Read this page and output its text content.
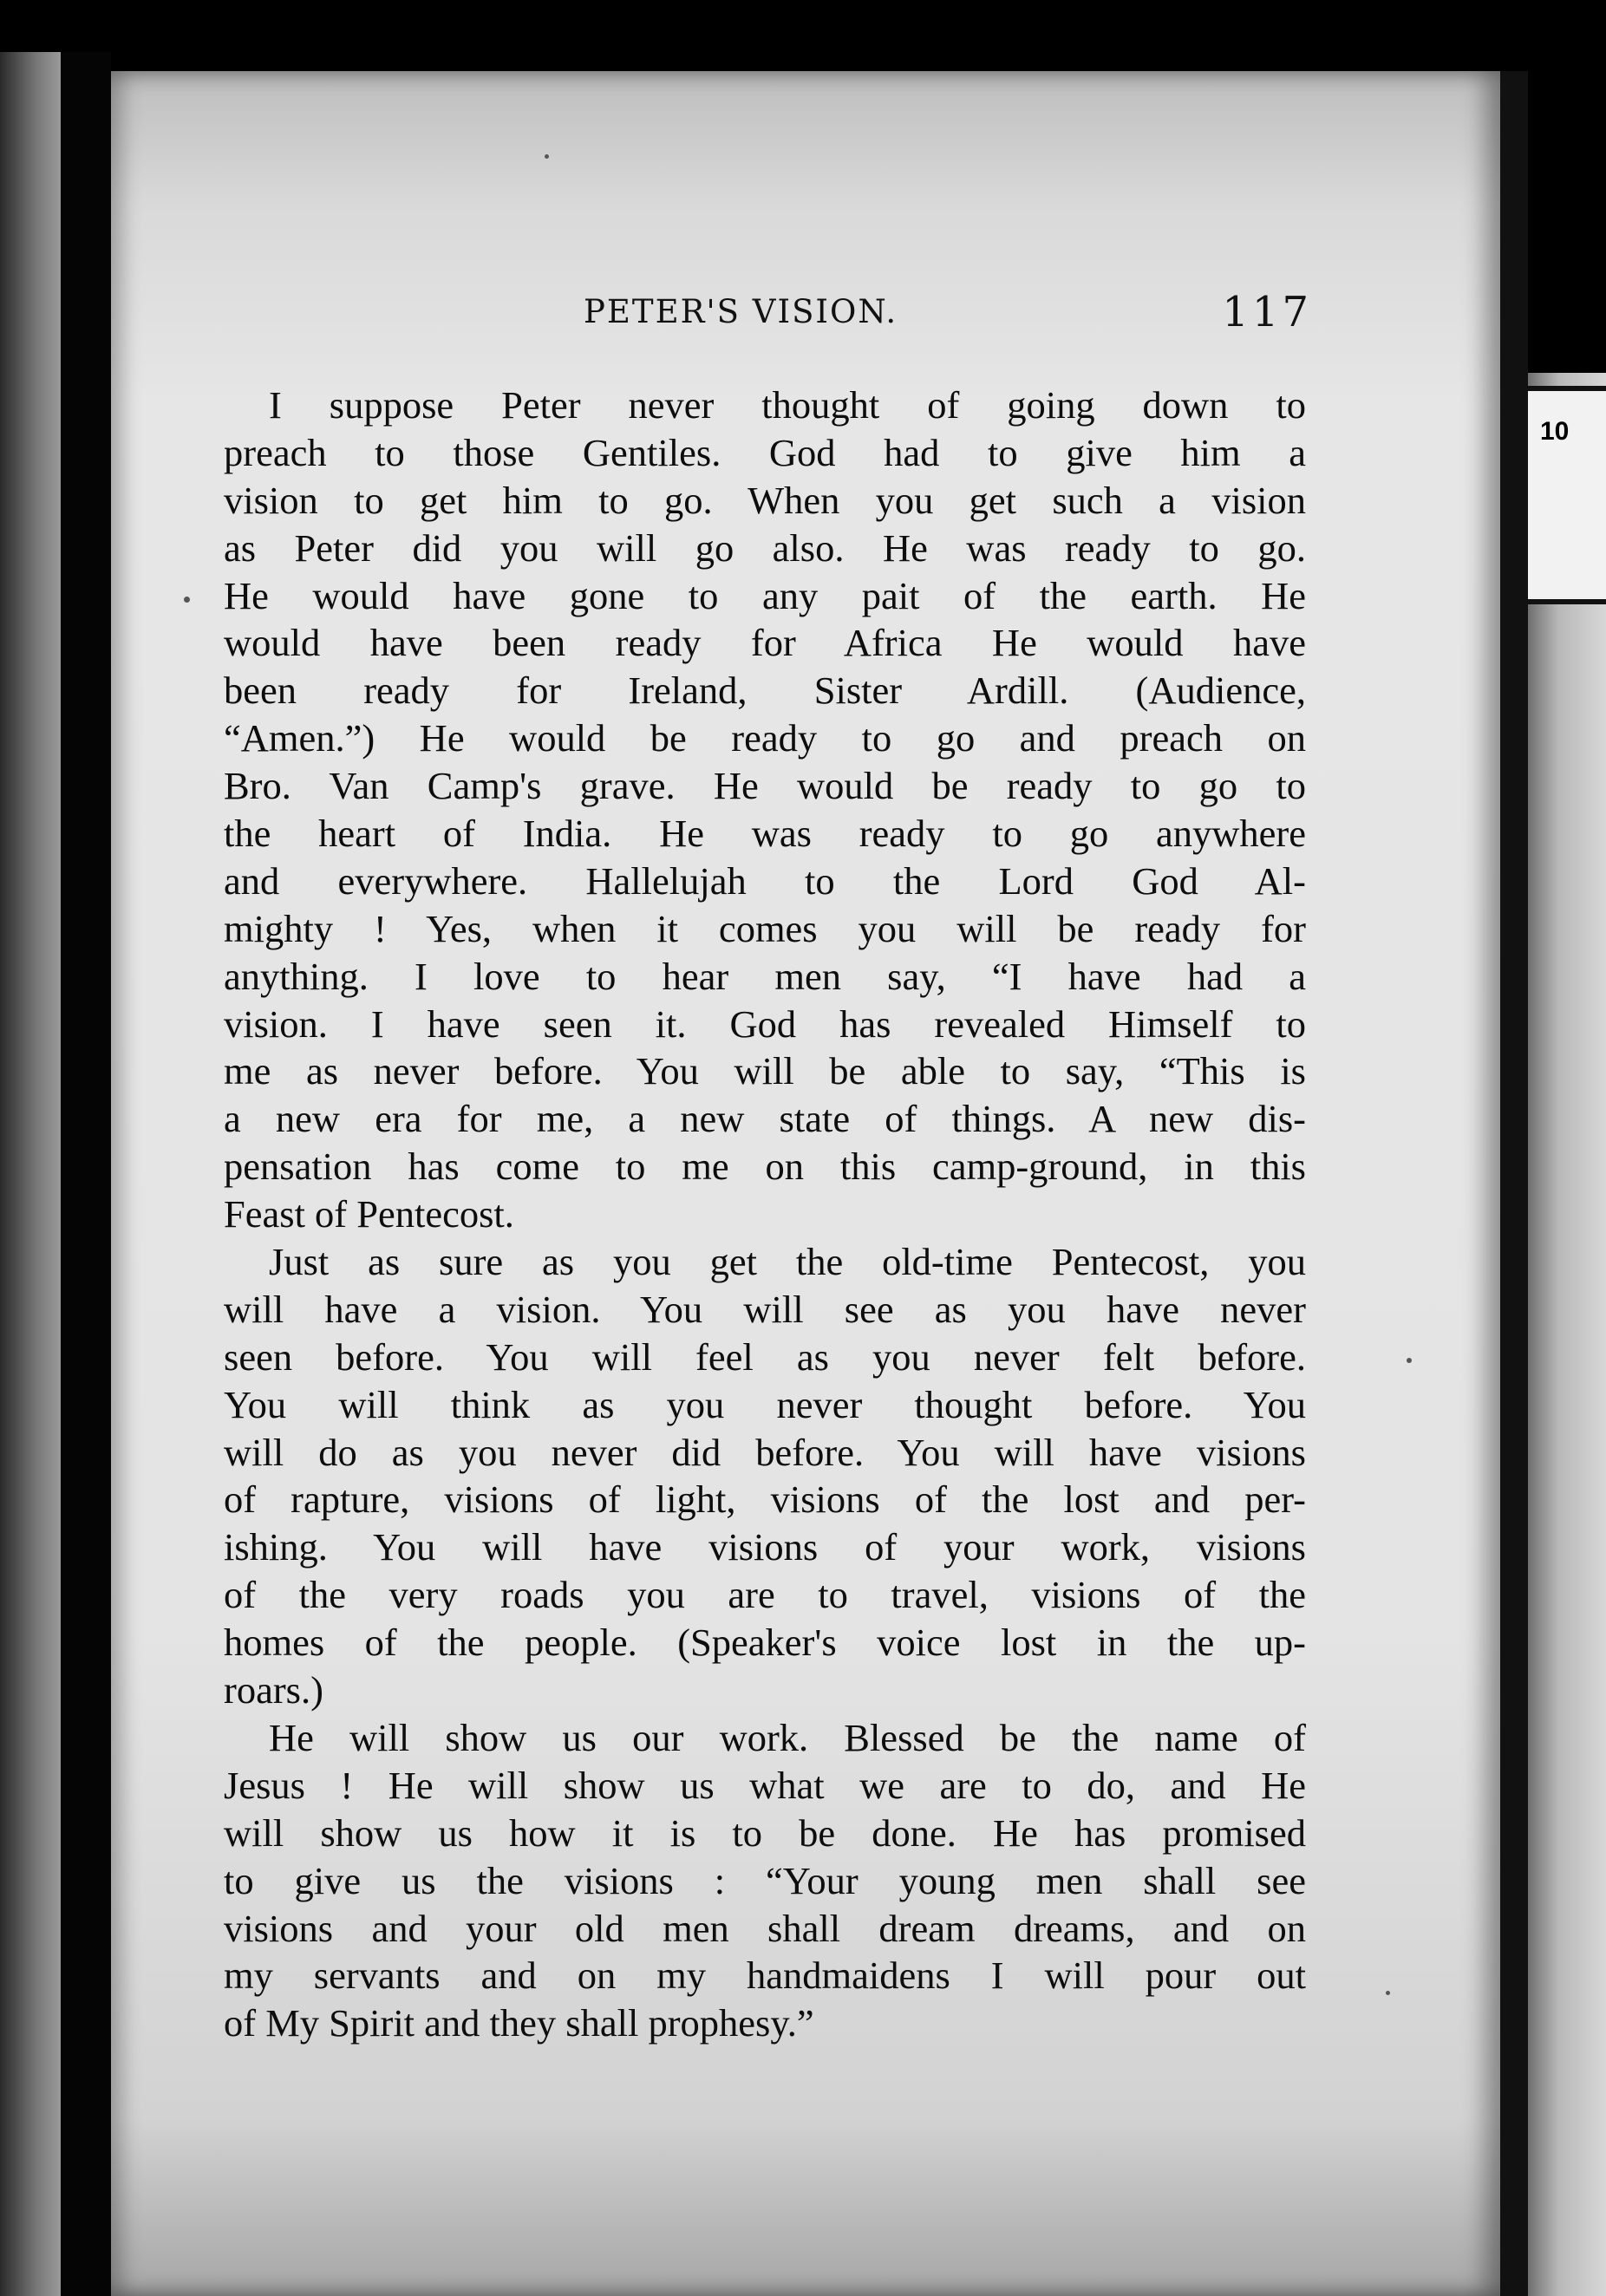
10
PETER'S VISION.	117
I suppose Peter never thought of going down to
preach to those Gentiles. God had to give him a
vision to get him to go. When you get such a vision
as Peter did you will go also. He was ready to go.
He would have gone to any pait of the earth. He
would have been ready for Africa He would have
been ready for Ireland, Sister Ardill. (Audience,
“Amen.”) He would be ready to go and preach on
Bro. Van Camp's grave. He would be ready to go to
the heart of India. He was ready to go anywhere
and everywhere. Hallelujah to the Lord God Al-
mighty ! Yes, when it comes you will be ready for
anything. I love to hear men say, “I have had a
vision. I have seen it. God has revealed Himself to
me as never before. You will be able to say, “This is
a new era for me, a new state of things. A new dis-
pensation has come to me on this camp-ground, in this
Feast of Pentecost.
Just as sure as you get the old-time Pentecost, you
will have a vision. You will see as you have never
seen before. You will feel as you never felt before.
You will think as you never thought before. You
will do as you never did before. You will have visions
of rapture, visions of light, visions of the lost and per-
ishing. You will have visions of your work, visions
of the very roads you are to travel, visions of the
homes of the people. (Speaker's voice lost in the up-
roars.)
He will show us our work. Blessed be the name of
Jesus ! He will show us what we are to do, and He
will show us how it is to be done. He has promised
to give us the visions : “Your young men shall see
visions and your old men shall dream dreams, and on
my servants and on my handmaidens I will pour out
of My Spirit and they shall prophesy.”
